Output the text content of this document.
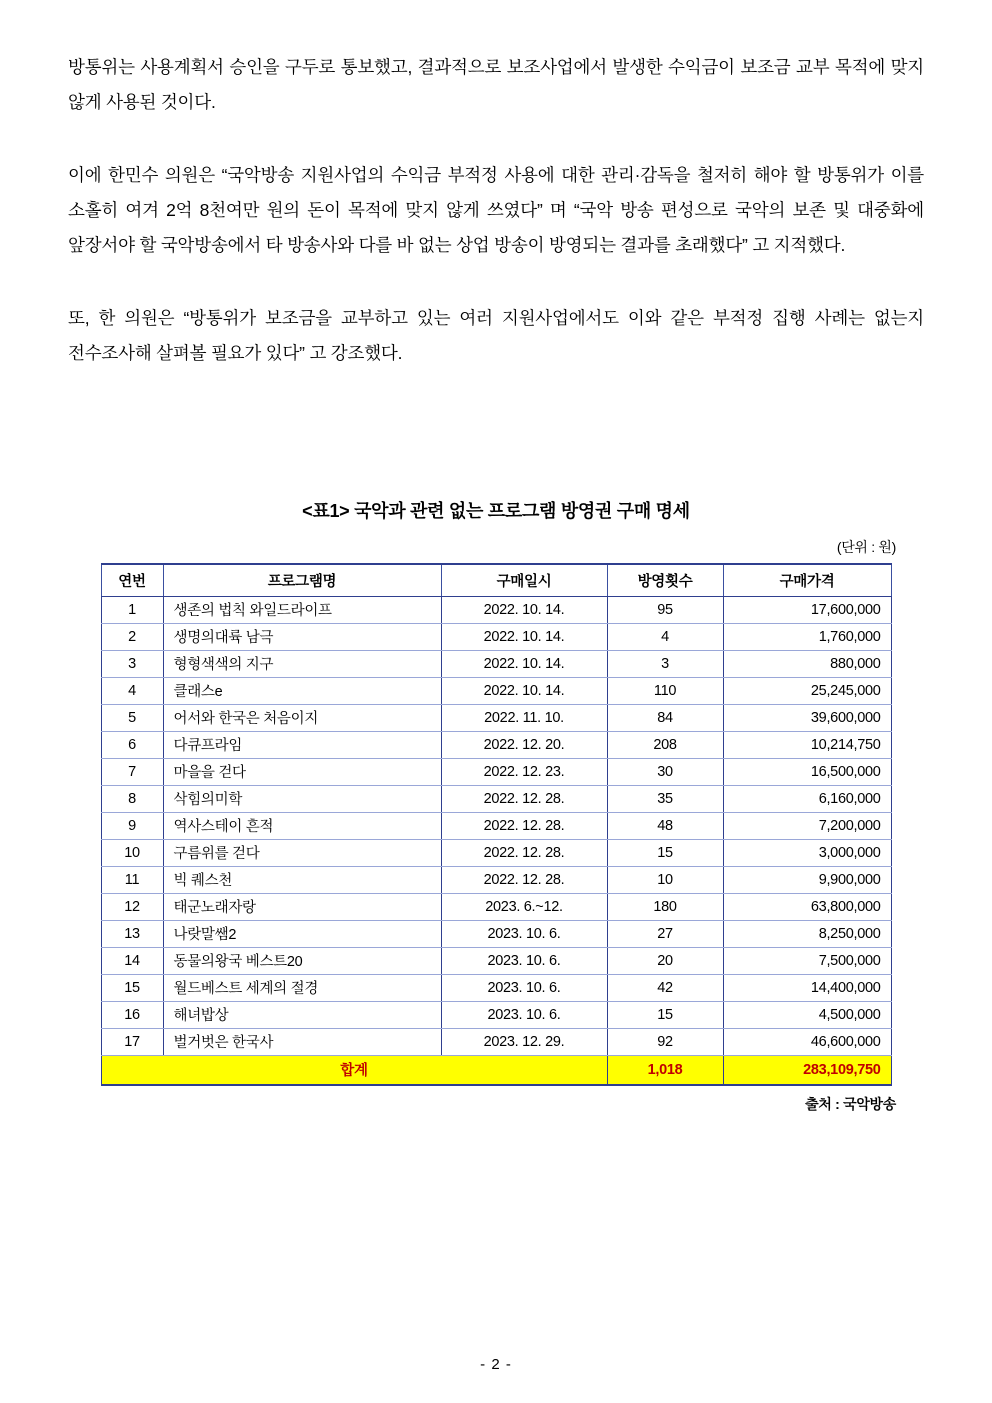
방통위는 사용계획서 승인을 구두로 통보했고, 결과적으로 보조사업에서 발생한 수익금이 보조금 교부 목적에 맞지 않게 사용된 것이다.

이에 한민수 의원은 “국악방송 지원사업의 수익금 부적정 사용에 대한 관리·감독을 철저히 해야 할 방통위가 이를 소홀히 여겨 2억 8천여만 원의 돈이 목적에 맞지 않게 쓰였다” 며 “국악 방송 편성으로 국악의 보존 및 대중화에 앞장서야 할 국악방송에서 타 방송사와 다를 바 없는 상업 방송이 방영되는 결과를 초래했다” 고 지적했다.

또, 한 의원은 “방통위가 보조금을 교부하고 있는 여러 지원사업에서도 이와 같은 부적정 집행 사례는 없는지 전수조사해 살펴볼 필요가 있다” 고 강조했다.

<표1> 국악과 관련 없는 프로그램 방영권 구매 명세
(단위 : 원)
연번	프로그램명	구매일시	방영횟수	구매가격
1	생존의 법칙 와일드라이프	2022. 10. 14.	95	17,600,000
2	생명의대륙 남극	2022. 10. 14.	4	1,760,000
3	형형색색의 지구	2022. 10. 14.	3	880,000
4	클래스e	2022. 10. 14.	110	25,245,000
5	어서와 한국은 처음이지	2022. 11. 10.	84	39,600,000
6	다큐프라임	2022. 12. 20.	208	10,214,750
7	마을을 걷다	2022. 12. 23.	30	16,500,000
8	삭힘의미학	2022. 12. 28.	35	6,160,000
9	역사스테이 흔적	2022. 12. 28.	48	7,200,000
10	구름위를 걷다	2022. 12. 28.	15	3,000,000
11	빅 퀘스천	2022. 12. 28.	10	9,900,000
12	태군노래자랑	2023. 6.~12.	180	63,800,000
13	나랏말쌤2	2023. 10. 6.	27	8,250,000
14	동물의왕국 베스트20	2023. 10. 6.	20	7,500,000
15	월드베스트 세계의 절경	2023. 10. 6.	42	14,400,000
16	해녀밥상	2023. 10. 6.	15	4,500,000
17	벌거벗은 한국사	2023. 12. 29.	92	46,600,000
합계			1,018	283,109,750
출처 : 국악방송
- 2 -
